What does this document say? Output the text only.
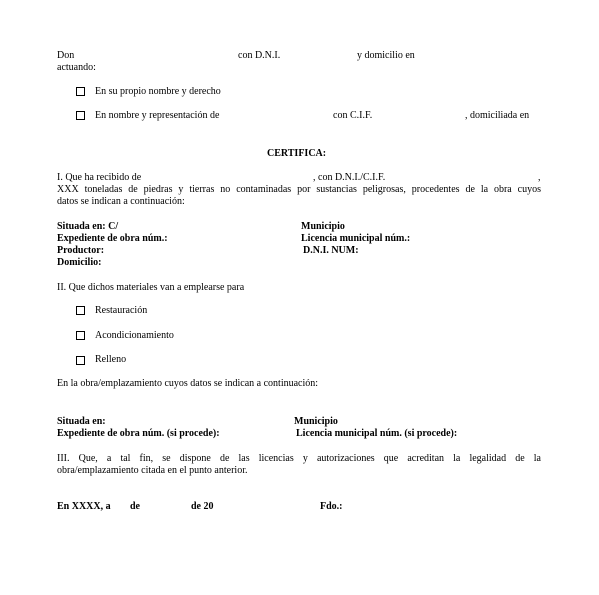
Don	con D.N.I.	y domicilio en
actuando:
En su propio nombre y derecho
En nombre y representación de	con C.I.F.	, domiciliada en
CERTIFICA:
I. Que ha recibido de	, con D.N.I./C.I.F.	,
XXX toneladas de piedras y tierras no contaminadas por sustancias peligrosas, procedentes de la obra cuyos
datos se indican a continuación:
Situada en: C/	Municipio
Expediente de obra núm.:	Licencia municipal núm.:
Productor:	D.N.I. NUM:
Domicilio:
II. Que dichos materiales van a emplearse para
Restauración
Acondicionamiento
Relleno
En la obra/emplazamiento cuyos datos se indican a continuación:
Situada en:	Municipio
Expediente de obra núm. (si procede):	Licencia municipal núm. (si procede):
III. Que, a tal fin, se dispone de las licencias y autorizaciones que acreditan la legalidad de la
obra/emplazamiento citada en el punto anterior.
En XXXX, a de	de 20	Fdo.:
